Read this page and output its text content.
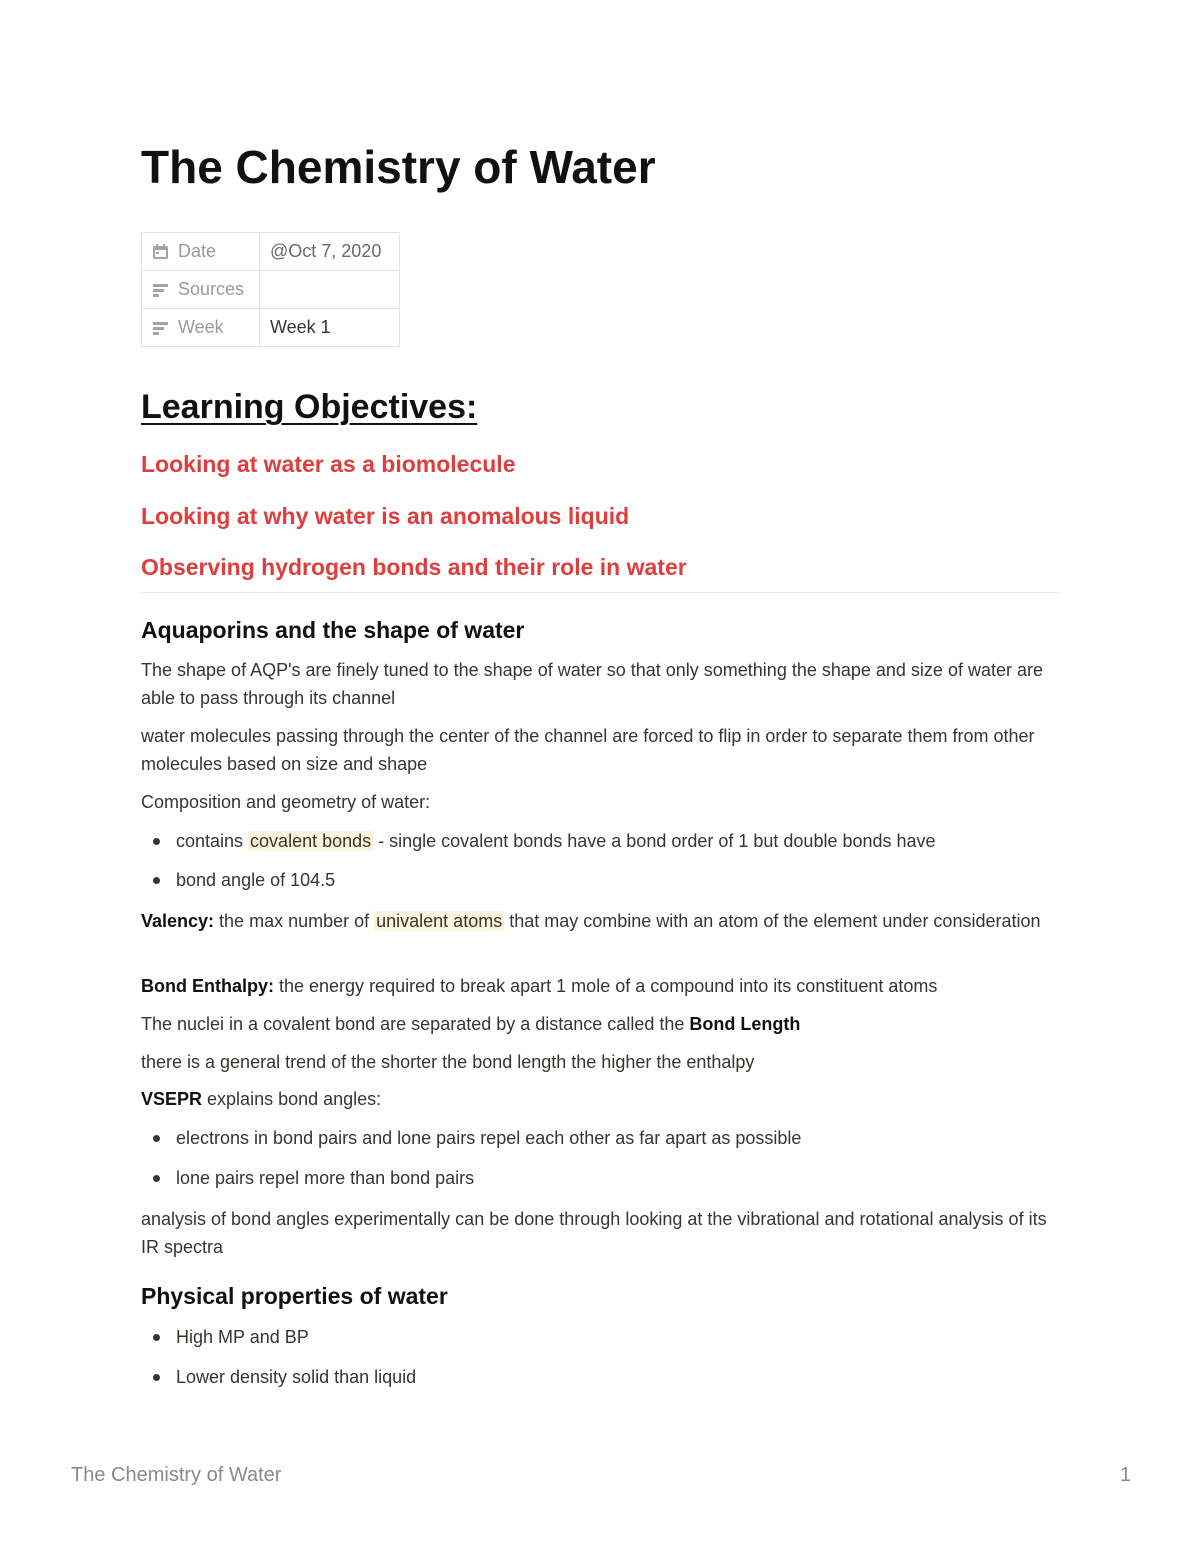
The Chemistry of Water
Date	@Oct 7, 2020
Sources	
Week	Week 1
Learning Objectives:
Looking at water as a biomolecule
Looking at why water is an anomalous liquid
Observing hydrogen bonds and their role in water
Aquaporins and the shape of water

The shape of AQP's are finely tuned to the shape of water so that only something the shape and size of water are able to pass through its channel

water molecules passing through the center of the channel are forced to flip in order to separate them from other molecules based on size and shape

Composition and geometry of water:

contains covalent bonds - single covalent bonds have a bond order of 1 but double bonds have
bond angle of 104.5

Valency: the max number of univalent atoms that may combine with an atom of the element under consideration

Bond Enthalpy: the energy required to break apart 1 mole of a compound into its constituent atoms

The nuclei in a covalent bond are separated by a distance called the Bond Length

there is a general trend of the shorter the bond length the higher the enthalpy

VSEPR explains bond angles:

electrons in bond pairs and lone pairs repel each other as far apart as possible
lone pairs repel more than bond pairs

analysis of bond angles experimentally can be done through looking at the vibrational and rotational analysis of its IR spectra

Physical properties of water
High MP and BP
Lower density solid than liquid
The Chemistry of Water	1
